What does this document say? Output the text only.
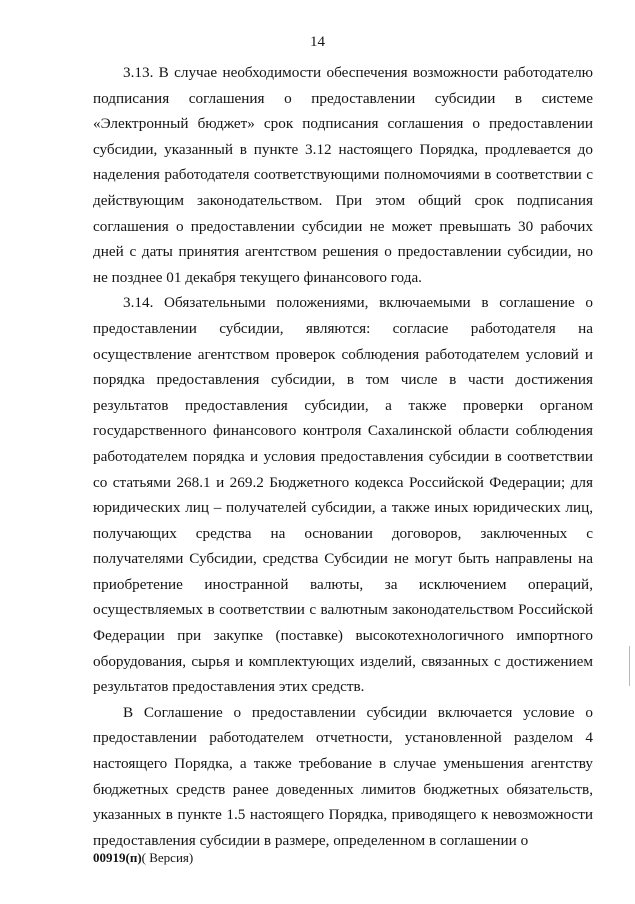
14

3.13. В случае необходимости обеспечения возможности работодателю подписания соглашения о предоставлении субсидии в системе «Электронный бюджет» срок подписания соглашения о предоставлении субсидии, указанный в пункте 3.12 настоящего Порядка, продлевается до наделения работодателя соответствующими полномочиями в соответствии с действующим законодательством. При этом общий срок подписания соглашения о предоставлении субсидии не может превышать 30 рабочих дней с даты принятия агентством решения о предоставлении субсидии, но не позднее 01 декабря текущего финансового года.

3.14. Обязательными положениями, включаемыми в соглашение о предоставлении субсидии, являются: согласие работодателя на осуществление агентством проверок соблюдения работодателем условий и порядка предоставления субсидии, в том числе в части достижения результатов предоставления субсидии, а также проверки органом государственного финансового контроля Сахалинской области соблюдения работодателем порядка и условия предоставления субсидии в соответствии со статьями 268.1 и 269.2 Бюджетного кодекса Российской Федерации; для юридических лиц – получателей субсидии, а также иных юридических лиц, получающих средства на основании договоров, заключенных с получателями Субсидии, средства Субсидии не могут быть направлены на приобретение иностранной валюты, за исключением операций, осуществляемых в соответствии с валютным законодательством Российской Федерации при закупке (поставке) высокотехнологичного импортного оборудования, сырья и комплектующих изделий, связанных с достижением результатов предоставления этих средств.

В Соглашение о предоставлении субсидии включается условие о предоставлении работодателем отчетности, установленной разделом 4 настоящего Порядка, а также требование в случае уменьшения агентству бюджетных средств ранее доведенных лимитов бюджетных обязательств, указанных в пункте 1.5 настоящего Порядка, приводящего к невозможности предоставления субсидии в размере, определенном в соглашении о

00919(п)( Версия)
